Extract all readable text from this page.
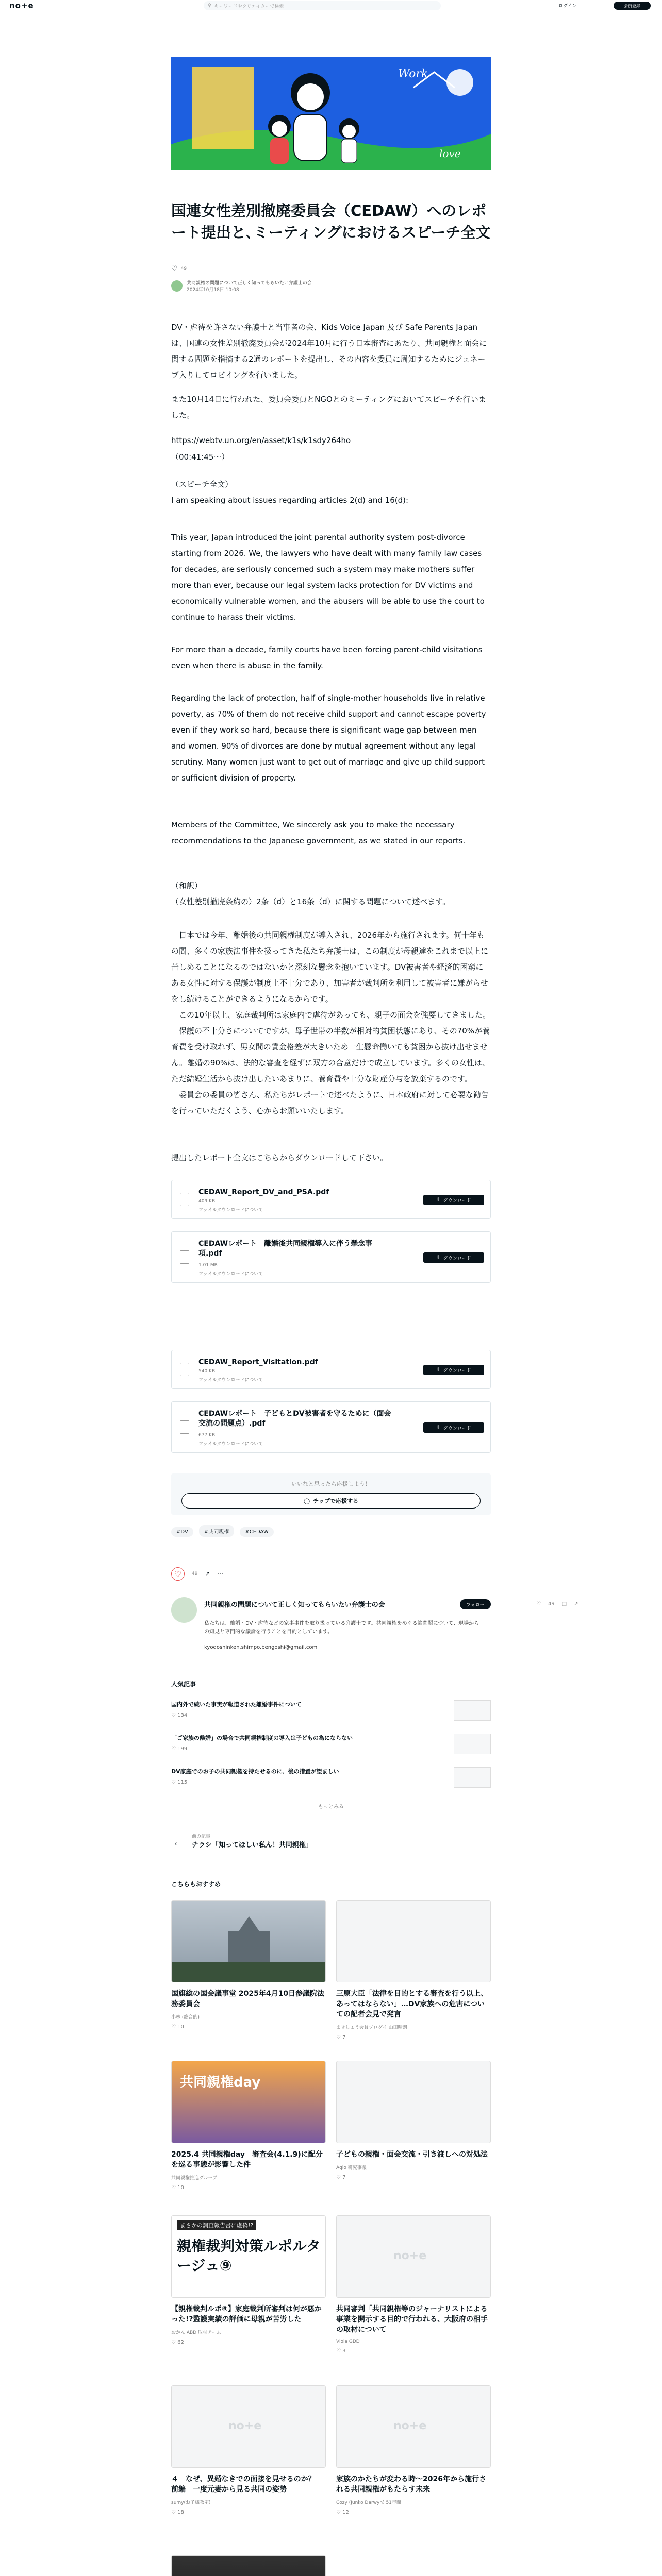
no+e	⚲ キーワードやクリエイターで検索	ログイン	会員登録
Work
love
国連女性差別撤廃委員会（CEDAW）へのレポート提出と､ミーティングにおけるスピーチ全文
♡ 49
共同親権の問題について正しく知ってもらいたい弁護士の会
2024年10月18日 10:08

DV・虐待を許さない弁護士と当事者の会、Kids Voice Japan 及び Safe Parents Japanは、国連の女性差別撤廃委員会が2024年10月に行う日本審査にあたり、共同親権と面会に関する問題を指摘する2通のレポートを提出し、その内容を委員に周知するためにジュネーブ入りしてロビイングを行いました。

また10月14日に行われた、委員会委員とNGOとのミーティングにおいてスピーチを行いました。

https://webtv.un.org/en/asset/k1s/k1sdy264ho

（00:41:45〜）

（スピーチ全文）

I am speaking about issues regarding articles 2(d) and 16(d):

This year, Japan introduced the joint parental authority system post-divorce starting from 2026. We, the lawyers who have dealt with many family law cases for decades, are seriously concerned such a system may make mothers suffer more than ever, because our legal system lacks protection for DV victims and economically vulnerable women, and the abusers will be able to use the court to continue to harass their victims.

For more than a decade, family courts have been forcing parent-child visitations even when there is abuse in the family.

Regarding the lack of protection, half of single-mother households live in relative poverty, as 70% of them do not receive child support and cannot escape poverty even if they work so hard, because there is significant wage gap between men and women. 90% of divorces are done by mutual agreement without any legal scrutiny. Many women just want to get out of marriage and give up child support or sufficient division of property.

Members of the Committee, We sincerely ask you to make the necessary recommendations to the Japanese government, as we stated in our reports.

（和訳）

（女性差別撤廃条約の）2条（d）と16条（d）に関する問題について述べます。

　日本では今年、離婚後の共同親権制度が導入され、2026年から施行されます。何十年もの間、多くの家族法事件を扱ってきた私たち弁護士は、この制度が母親達をこれまで以上に苦しめることになるのではないかと深刻な懸念を抱いています。DV被害者や経済的困窮にある女性に対する保護が制度上不十分であり、加害者が裁判所を利用して被害者に嫌がらせをし続けることができるようになるからです。
　この10年以上、家庭裁判所は家庭内で虐待があっても、親子の面会を強要してきました。
　保護の不十分さについてですが、母子世帯の半数が相対的貧困状態にあり、その70%が養育費を受け取れず、男女間の賃金格差が大きいため一生懸命働いても貧困から抜け出せません。離婚の90%は、法的な審査を経ずに双方の合意だけで成立しています。多くの女性は、ただ結婚生活から抜け出したいあまりに、養育費や十分な財産分与を放棄するのです。
　委員会の委員の皆さん、私たちがレポートで述べたように、日本政府に対して必要な勧告を行っていただくよう、心からお願いいたします。

提出したレポート全文はこちらからダウンロードして下さい。

CEDAW_Report_DV_and_PSA.pdf
409 KB
ファイルダウンロードについて
⇩ ダウンロード
CEDAWレポート　離婚後共同親権導入に伴う懸念事項.pdf
1.01 MB
ファイルダウンロードについて
⇩ ダウンロード
CEDAW_Report_Visitation.pdf
540 KB
ファイルダウンロードについて
⇩ ダウンロード
CEDAWレポート　子どもとDV被害者を守るために（面会交流の問題点）.pdf
677 KB
ファイルダウンロードについて
⇩ ダウンロード
いいなと思ったら応援しよう！
◯ チップで応援する
#DV	#共同親権	#CEDAW
♡	49 ↗ ⋯
共同親権の問題について正しく知ってもらいたい弁護士の会	フォロー

私たちは、離婚・DV・虐待などの家事事件を取り扱っている弁護士です。共同親権をめぐる諸問題について、現場からの知見と専門的な議論を行うことを目的としています。

kyodoshinken.shimpo.bengoshi@gmail.com

♡ 49 □ ↗
人気記事
国内外で続いた事実が報道された離婚事件について
♡ 134
「ご家族の離婚」の場合で共同親権制度の導入は子どもの為にならない
♡ 199
DV家庭でのお子の共同親権を持たせるのに、後の措置が望ましい
♡ 115
もっとみる
‹
前の記事
チラシ「知ってほしい私ん！共同親権」
こちらもおすすめ
国旗総の国会議事堂 2025年4月10日参議院法務委員会
小林 (総合的)
♡ 10
三原大臣「法律を目的とする審査を行う以上、あってはならない」…DV家族への危害についての記者会見で発言
まきしょう会長プロダイ 山田晴朗
♡ 7
共同親権day
2025.4 共同親権day　審査会(4.1.9)に配分を巡る事態が影響した件
共同親権推進グループ
♡ 10
子どもの親権・面会交流・引き渡しへの対処法
Agio 研究事業
♡ 7
まさかの調査報告書に虚偽!?
親権裁判対策ルポルタージュ⑨
【親権裁判ルポ⑨】家庭裁判所審判は何が悪かった!?監護実績の評価に母親が苦労した
おかん ABD 取材チーム
♡ 62
no+e
共同審判「共同親権等のジャーナリストによる事業を開示する目的で行われる、大阪府の相手の取材について
Viola GDD
♡ 3
no+e
４　なぜ、異婚なきでの面接を見せるのか？　前編　一度元妻から見る共同の姿勢
sumy(お子様教室)
♡ 18
no+e
家族のかたちが変わる時〜2026年から施行される共同親権がもたらす未来
Cozy (Junko Darwyn) 51年間
♡ 12
